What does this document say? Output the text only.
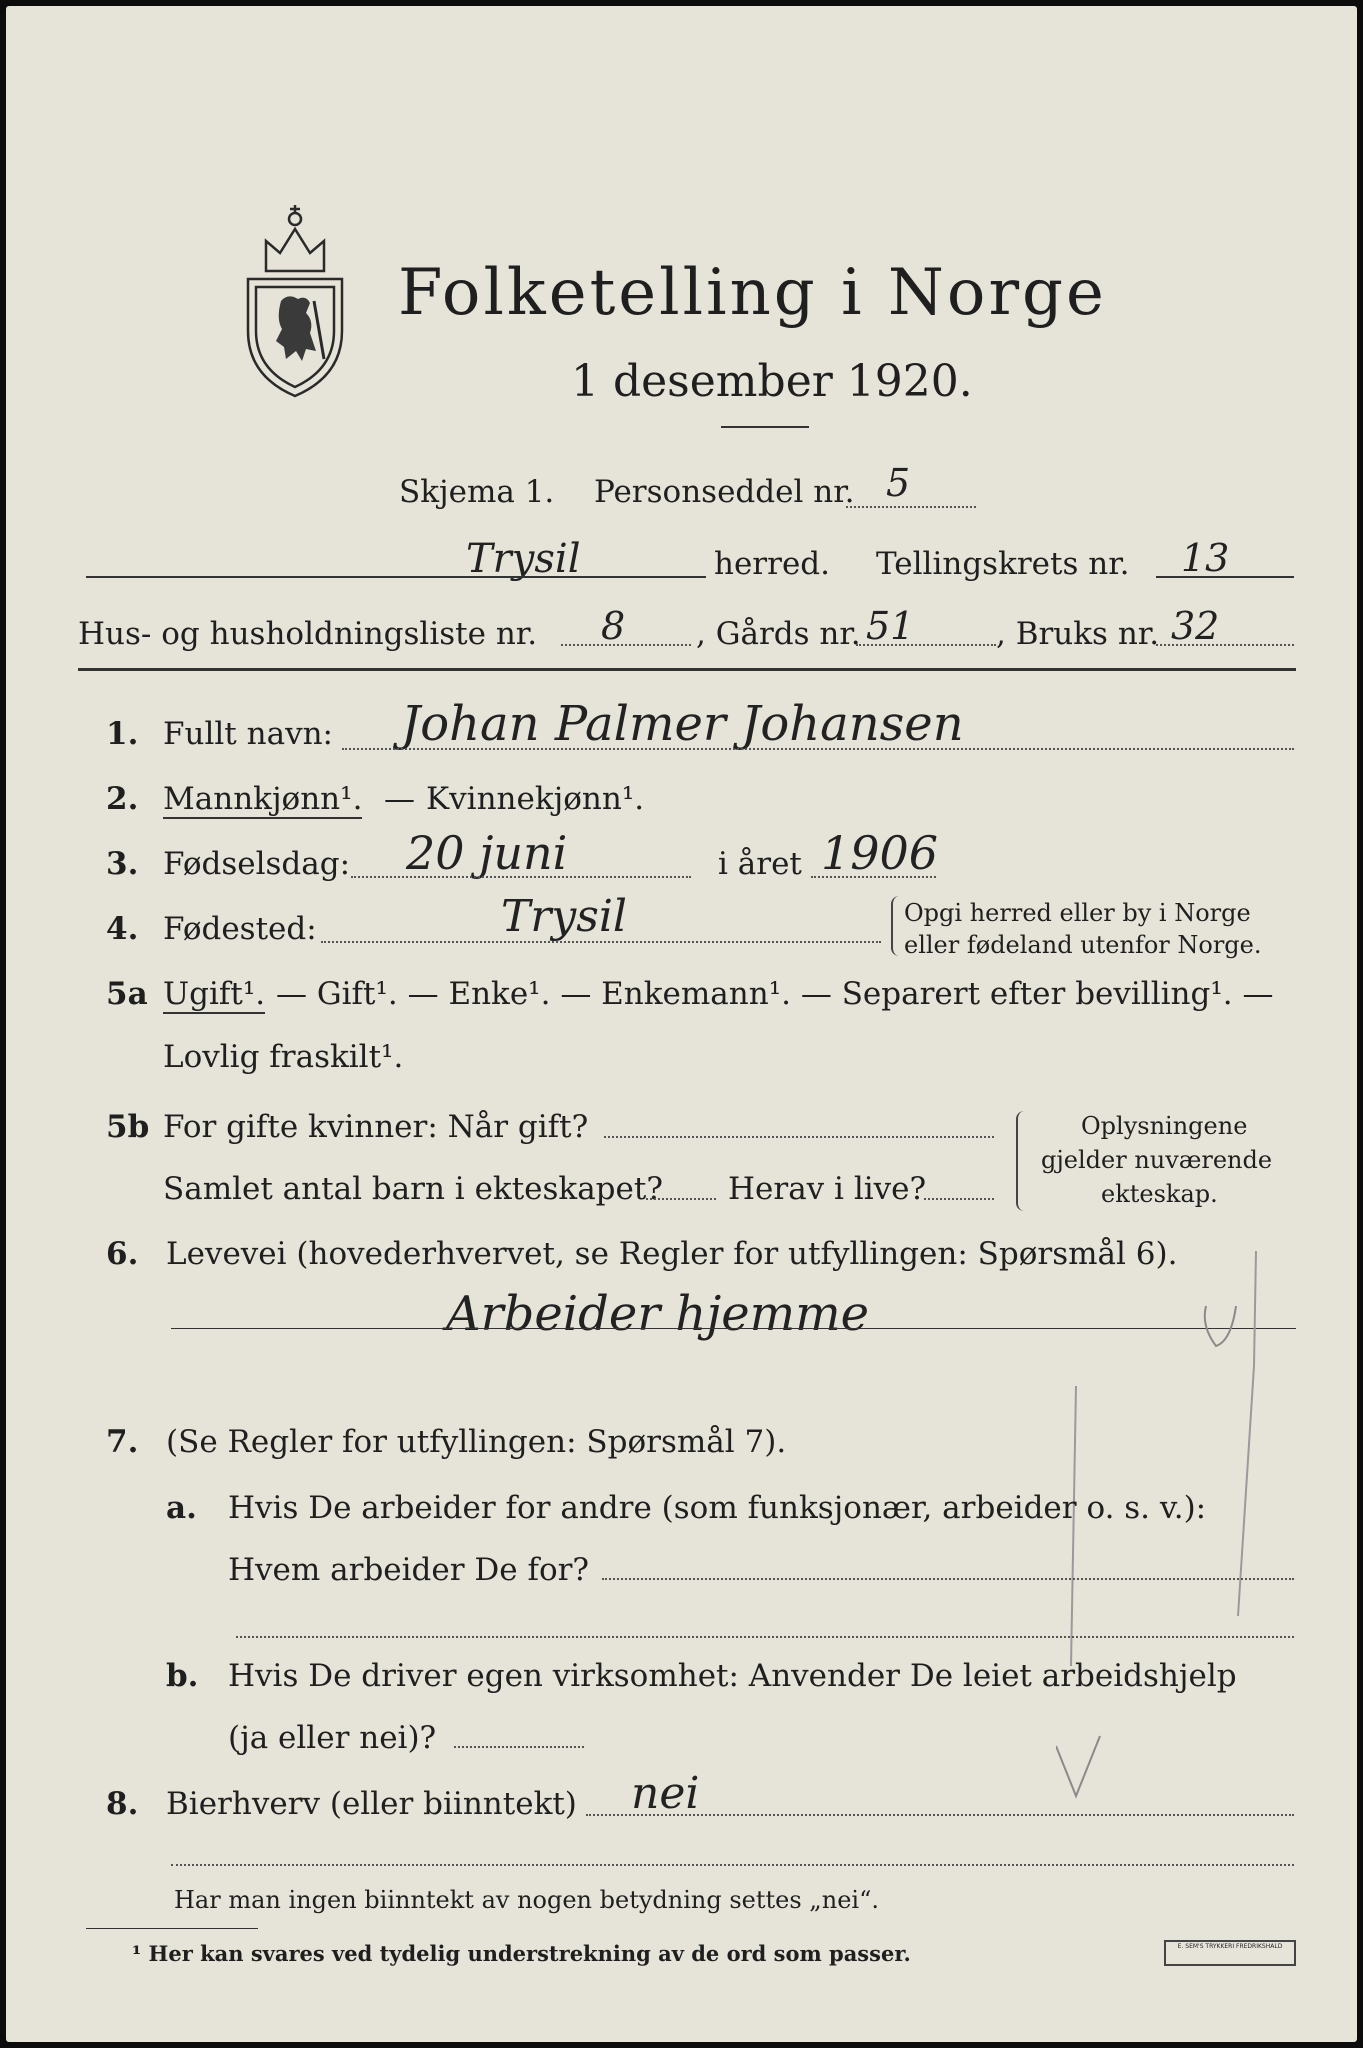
Folketelling i Norge
1 desember 1920.
Skjema 1. Personseddel nr. 5
Trysil	herred. Tellingskrets nr. 13
Hus- og husholdningsliste nr. 8 , Gårds nr. 51	, Bruks nr. 32
1. Fullt navn: Johan Palmer Johansen
2. Mannkjønn¹. — Kvinnekjønn¹.
3. Fødselsdag: 20 juni	i året 1906
4. Fødested:	Trysil	Opgi herred eller by i Norge
eller fødeland utenfor Norge.
5a Ugift¹. — Gift¹. — Enke¹. — Enkemann¹. — Separert efter bevilling¹. —
Lovlig fraskilt¹.
5b For gifte kvinner: Når gift?
Samlet antal barn i ekteskapet? Herav i live?
Oplysningene
gjelder nuværende
ekteskap.
6. Levevei (hovederhvervet, se Regler for utfyllingen: Spørsmål 6).
Arbeider hjemme
7. (Se Regler for utfyllingen: Spørsmål 7).
a. Hvis De arbeider for andre (som funksjonær, arbeider o. s. v.):
Hvem arbeider De for?
b. Hvis De driver egen virksomhet: Anvender De leiet arbeidshjelp
(ja eller nei)?
8. Bierhverv (eller biinntekt) nei
Har man ingen biinntekt av nogen betydning settes „nei“.
¹ Her kan svares ved tydelig understrekning av de ord som passer.	E. SEM'S TRYKKERI FREDRIKSHALD
